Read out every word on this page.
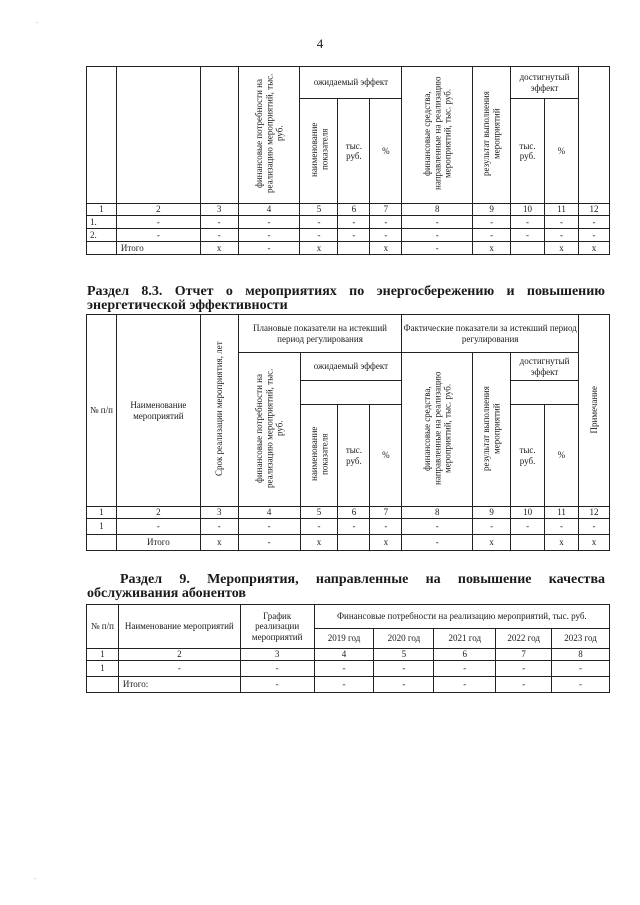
4
			финансовые потребности на реализацию мероприятий, тыс. руб.	ожидаемый эффект			финансовые средства, направленные на реализацию мероприятий, тыс. руб.	результат выполнения мероприятий	достигнутый эффект		
				наименование показателя	тыс. руб.	%			тыс. руб.	%	
1	2	3	4	5	6	7	8	9	10	11	12
1.	-	-	-	-	-	-	-	-	-	-	-
2.	-	-	-	-	-	-	-	-	-	-	-
	Итого	х	-	х		х	-	х		х	х
Раздел 8.3. Отчет о мероприятиях по энергосбережению и повышению
энергетической эффективности
№ п/п	Наименование мероприятий	Срок реализации мероприятия, лет	Плановые показатели на истекший период регулирования				Фактические показатели за истекший период регулирования				Примечание
			финансовые потребности на реализацию мероприятий, тыс. руб.	ожидаемый эффект			финансовые средства, направленные на реализацию мероприятий, тыс. руб.	результат выполнения мероприятий	достигнутый эффект		

				наименование показателя	тыс. руб.	%			тыс. руб.	%	
1	2	3	4	5	6	7	8	9	10	11	12
1	-	-	-	-	-	-	-	-	-	-	-
	Итого	х	-	х		х	-	х		х	х
Раздел 9. Мероприятия, направленные на повышение качества
обслуживания абонентов
№ п/п	Наименование мероприятий	График реализации мероприятий	Финансовые потребности на реализацию мероприятий, тыс. руб.				
			2019 год	2020 год	2021 год	2022 год	2023 год
1	2	3	4	5	6	7	8
1	-	-	-	-	-	-	-
	Итого:	-	-	-	-	-	-
.
.
